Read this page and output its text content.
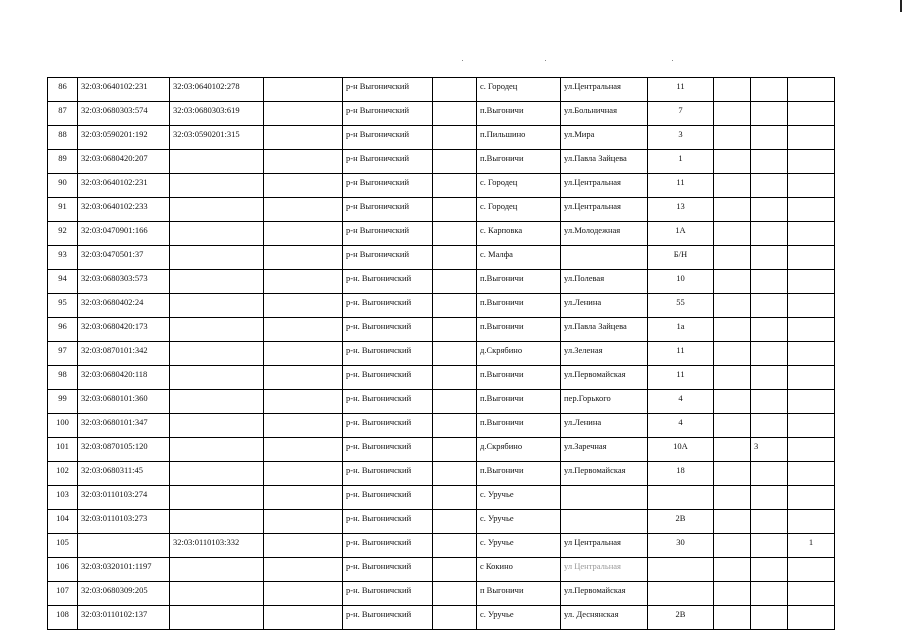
86	32:03:0640102:231	32:03:0640102:278		р-н Выгоничский		с. Городец	ул.Центральная	11			
87	32:03:0680303:574	32:03:0680303:619		р-н Выгоничский		п.Выгоничи	ул.Больничная	7			
88	32:03:0590201:192	32:03:0590201:315		р-н Выгоничский		п.Пильшино	ул.Мира	3			
89	32:03:0680420:207			р-н Выгоничский		п.Выгоничи	ул.Павла Зайцева	1			
90	32:03:0640102:231			р-н Выгоничский		с. Городец	ул.Центральная	11			
91	32:03:0640102:233			р-н Выгоничский		с. Городец	ул.Центральная	13			
92	32:03:0470901:166			р-н Выгоничский		с. Карповка	ул.Молодежная	1А			
93	32:03:0470501:37			р-н Выгоничский		с. Малфа		Б/Н			
94	32:03:0680303:573			р-н. Выгоничский		п.Выгоничи	ул.Полевая	10			
95	32:03:0680402:24			р-н. Выгоничский		п.Выгоничи	ул.Ленина	55			
96	32:03:0680420:173			р-н. Выгоничский		п.Выгоничи	ул.Павла Зайцева	1а			
97	32:03:0870101:342			р-н. Выгоничский		д.Скрябино	ул.Зеленая	11			
98	32:03:0680420:118			р-н. Выгоничский		п.Выгоничи	ул.Первомайская	11			
99	32:03:0680101:360			р-н. Выгоничский		п.Выгоничи	пер.Горького	4			
100	32:03:0680101:347			р-н. Выгоничский		п.Выгоничи	ул.Ленина	4			
101	32:03:0870105:120			р-н. Выгоничский		д.Скрябино	ул.Заречная	10А		3	
102	32:03:0680311:45			р-н. Выгоничский		п.Выгоничи	ул.Первомайская	18			
103	32:03:0110103:274			р-н. Выгоничский		с. Уручье					
104	32:03:0110103:273			р-н. Выгоничский		с. Уручье		2В			
105		32:03:0110103:332		р-н. Выгоничский		с. Уручье	ул Центральная	30			1
106	32:03:0320101:1197			р-н. Выгоничский		с Кокино	ул Центральная				
107	32:03:0680309:205			р-н. Выгоничский		п Выгоничи	ул.Первомайская				
108	32:03:0110102:137			р-н. Выгоничский		с. Уручье	ул. Деснянская	2В			
